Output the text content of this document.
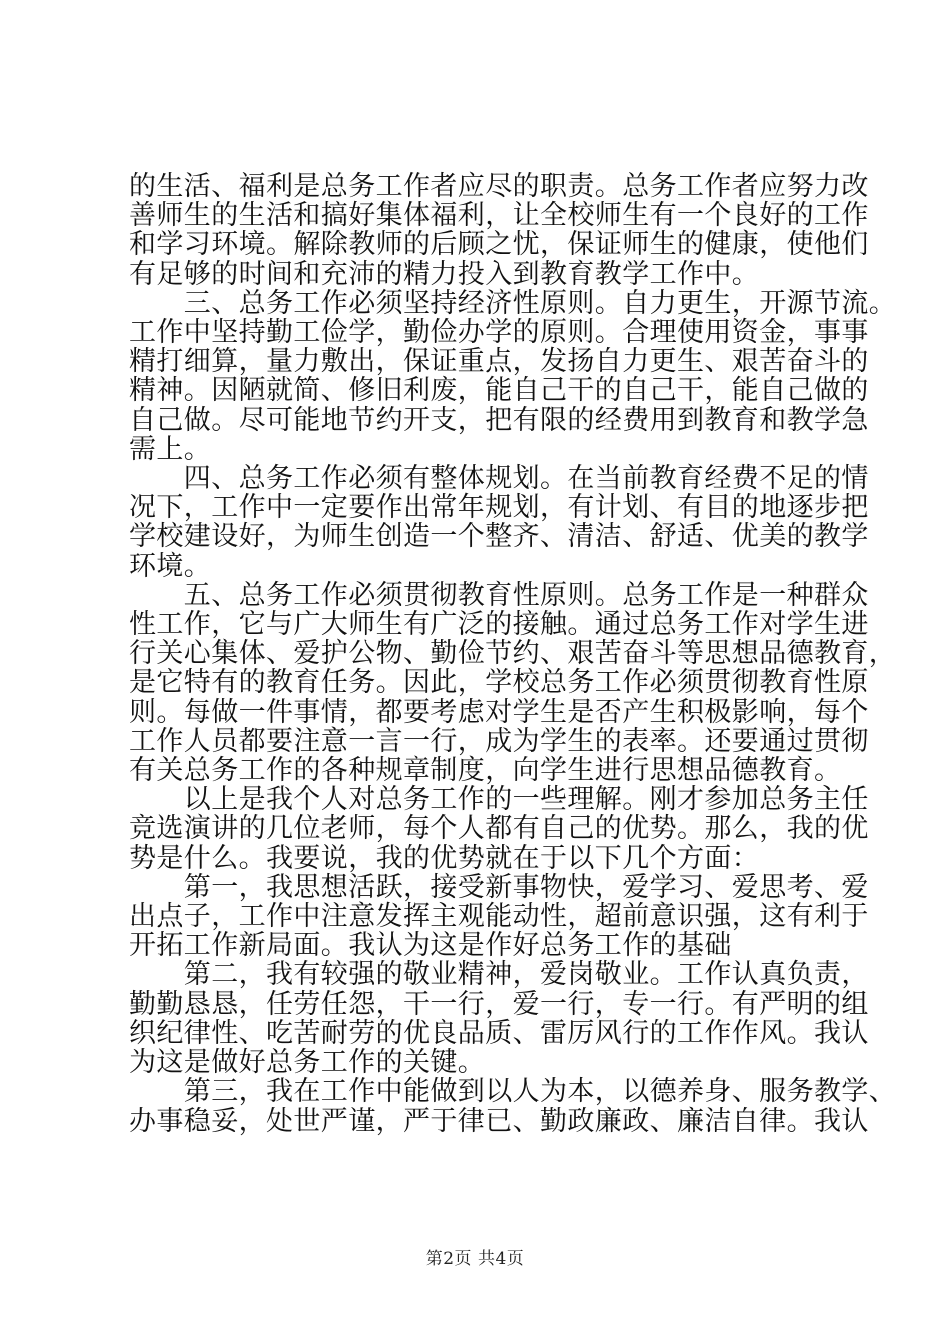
的生活、福利是总务工作者应尽的职责。总务工作者应努力改

善师生的生活和搞好集体福利，让全校师生有一个良好的工作

和学习环境。解除教师的后顾之忧，保证师生的健康，使他们

有足够的时间和充沛的精力投入到教育教学工作中。

　　三、总务工作必须坚持经济性原则。自力更生，开源节流。

工作中坚持勤工俭学，勤俭办学的原则。合理使用资金，事事

精打细算，量力敷出，保证重点，发扬自力更生、艰苦奋斗的

精神。因陋就简、修旧利废，能自己干的自己干，能自己做的

自己做。尽可能地节约开支，把有限的经费用到教育和教学急

需上。

　　四、总务工作必须有整体规划。在当前教育经费不足的情

况下，工作中一定要作出常年规划，有计划、有目的地逐步把

学校建设好，为师生创造一个整齐、清洁、舒适、优美的教学

环境。

　　五、总务工作必须贯彻教育性原则。总务工作是一种群众

性工作，它与广大师生有广泛的接触。通过总务工作对学生进

行关心集体、爱护公物、勤俭节约、艰苦奋斗等思想品德教育，

是它特有的教育任务。因此，学校总务工作必须贯彻教育性原

则。每做一件事情，都要考虑对学生是否产生积极影响，每个

工作人员都要注意一言一行，成为学生的表率。还要通过贯彻

有关总务工作的各种规章制度，向学生进行思想品德教育。

　　以上是我个人对总务工作的一些理解。刚才参加总务主任

竞选演讲的几位老师，每个人都有自己的优势。那么，我的优

势是什么。我要说，我的优势就在于以下几个方面：

　　第一，我思想活跃，接受新事物快，爱学习、爱思考、爱

出点子，工作中注意发挥主观能动性，超前意识强，这有利于

开拓工作新局面。我认为这是作好总务工作的基础

　　第二，我有较强的敬业精神，爱岗敬业。工作认真负责，

勤勤恳恳，任劳任怨，干一行，爱一行，专一行。有严明的组

织纪律性、吃苦耐劳的优良品质、雷厉风行的工作作风。我认

为这是做好总务工作的关键。

　　第三，我在工作中能做到以人为本，以德养身、服务教学、

办事稳妥，处世严谨，严于律已、勤政廉政、廉洁自律。我认

第2页 共4页
